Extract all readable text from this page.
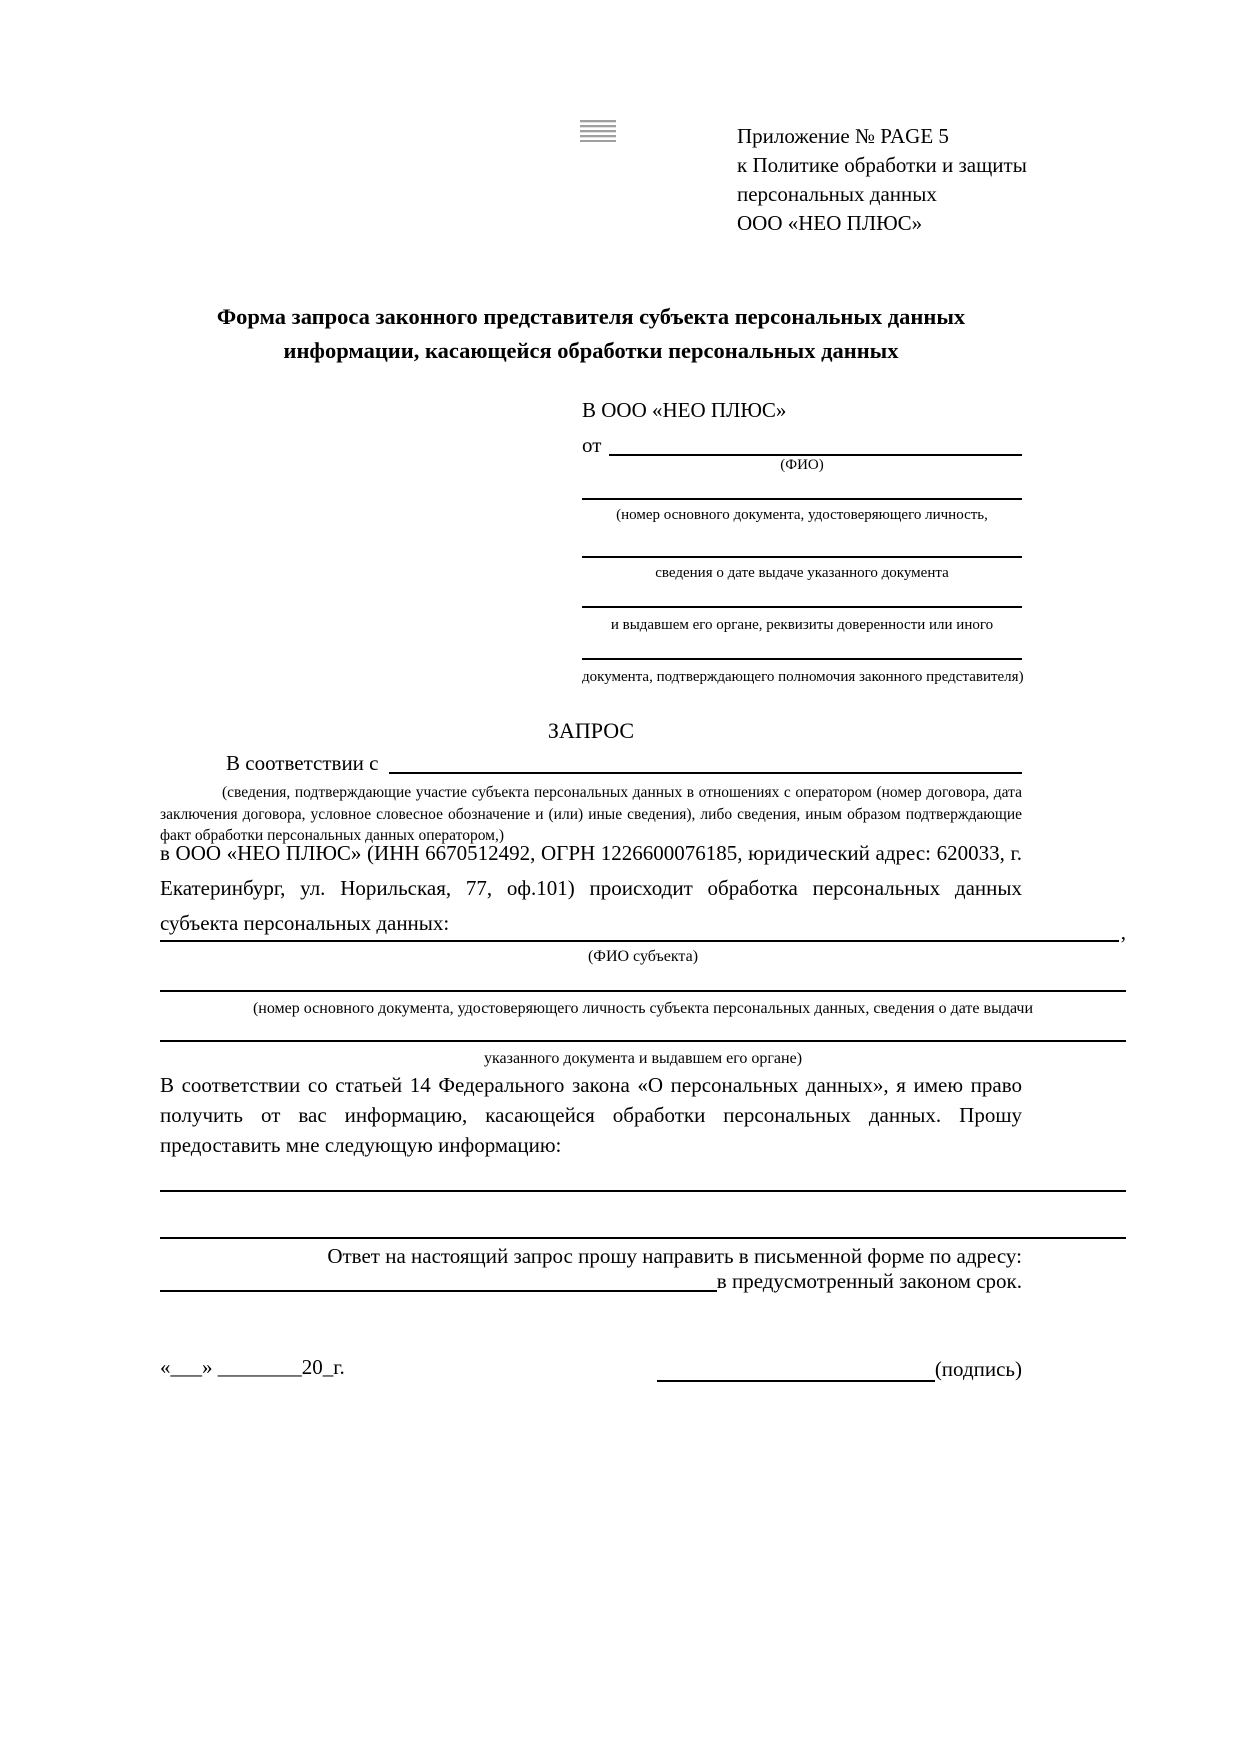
Приложение № PAGE 5
к Политике обработки и защиты
персональных данных
ООО «НЕО ПЛЮС»
Форма запроса законного представителя субъекта персональных данных
информации, касающейся обработки персональных данных
В ООО «НЕО ПЛЮС»
от
(ФИО)
(номер основного документа, удостоверяющего личность,
сведения о дате выдаче указанного документа
и выдавшем его органе, реквизиты доверенности или иного
документа, подтверждающего полномочия законного представителя)
ЗАПРОС
В соответствии с
(сведения, подтверждающие участие субъекта персональных данных в отношениях с оператором (номер договора, дата заключения договора, условное словесное обозначение и (или) иные сведения), либо сведения, иным образом подтверждающие факт обработки персональных данных оператором,)
в ООО «НЕО ПЛЮС» (ИНН 6670512492, ОГРН 1226600076185, юридический адрес: 620033, г. Екатеринбург, ул. Норильская, 77, оф.101) происходит обработка персональных данных субъекта персональных данных:	,
(ФИО субъекта)
(номер основного документа, удостоверяющего личность субъекта персональных данных, сведения о дате выдачи
указанного документа и выдавшем его органе)
В соответствии со статьей 14 Федерального закона «О персональных данных», я имею право получить от вас информацию, касающейся обработки персональных данных. Прошу предоставить мне следующую информацию:
Ответ на настоящий запрос прошу направить в письменной форме по адресу:
в предусмотренный законом срок.
«___» ________20_г.	(подпись)
